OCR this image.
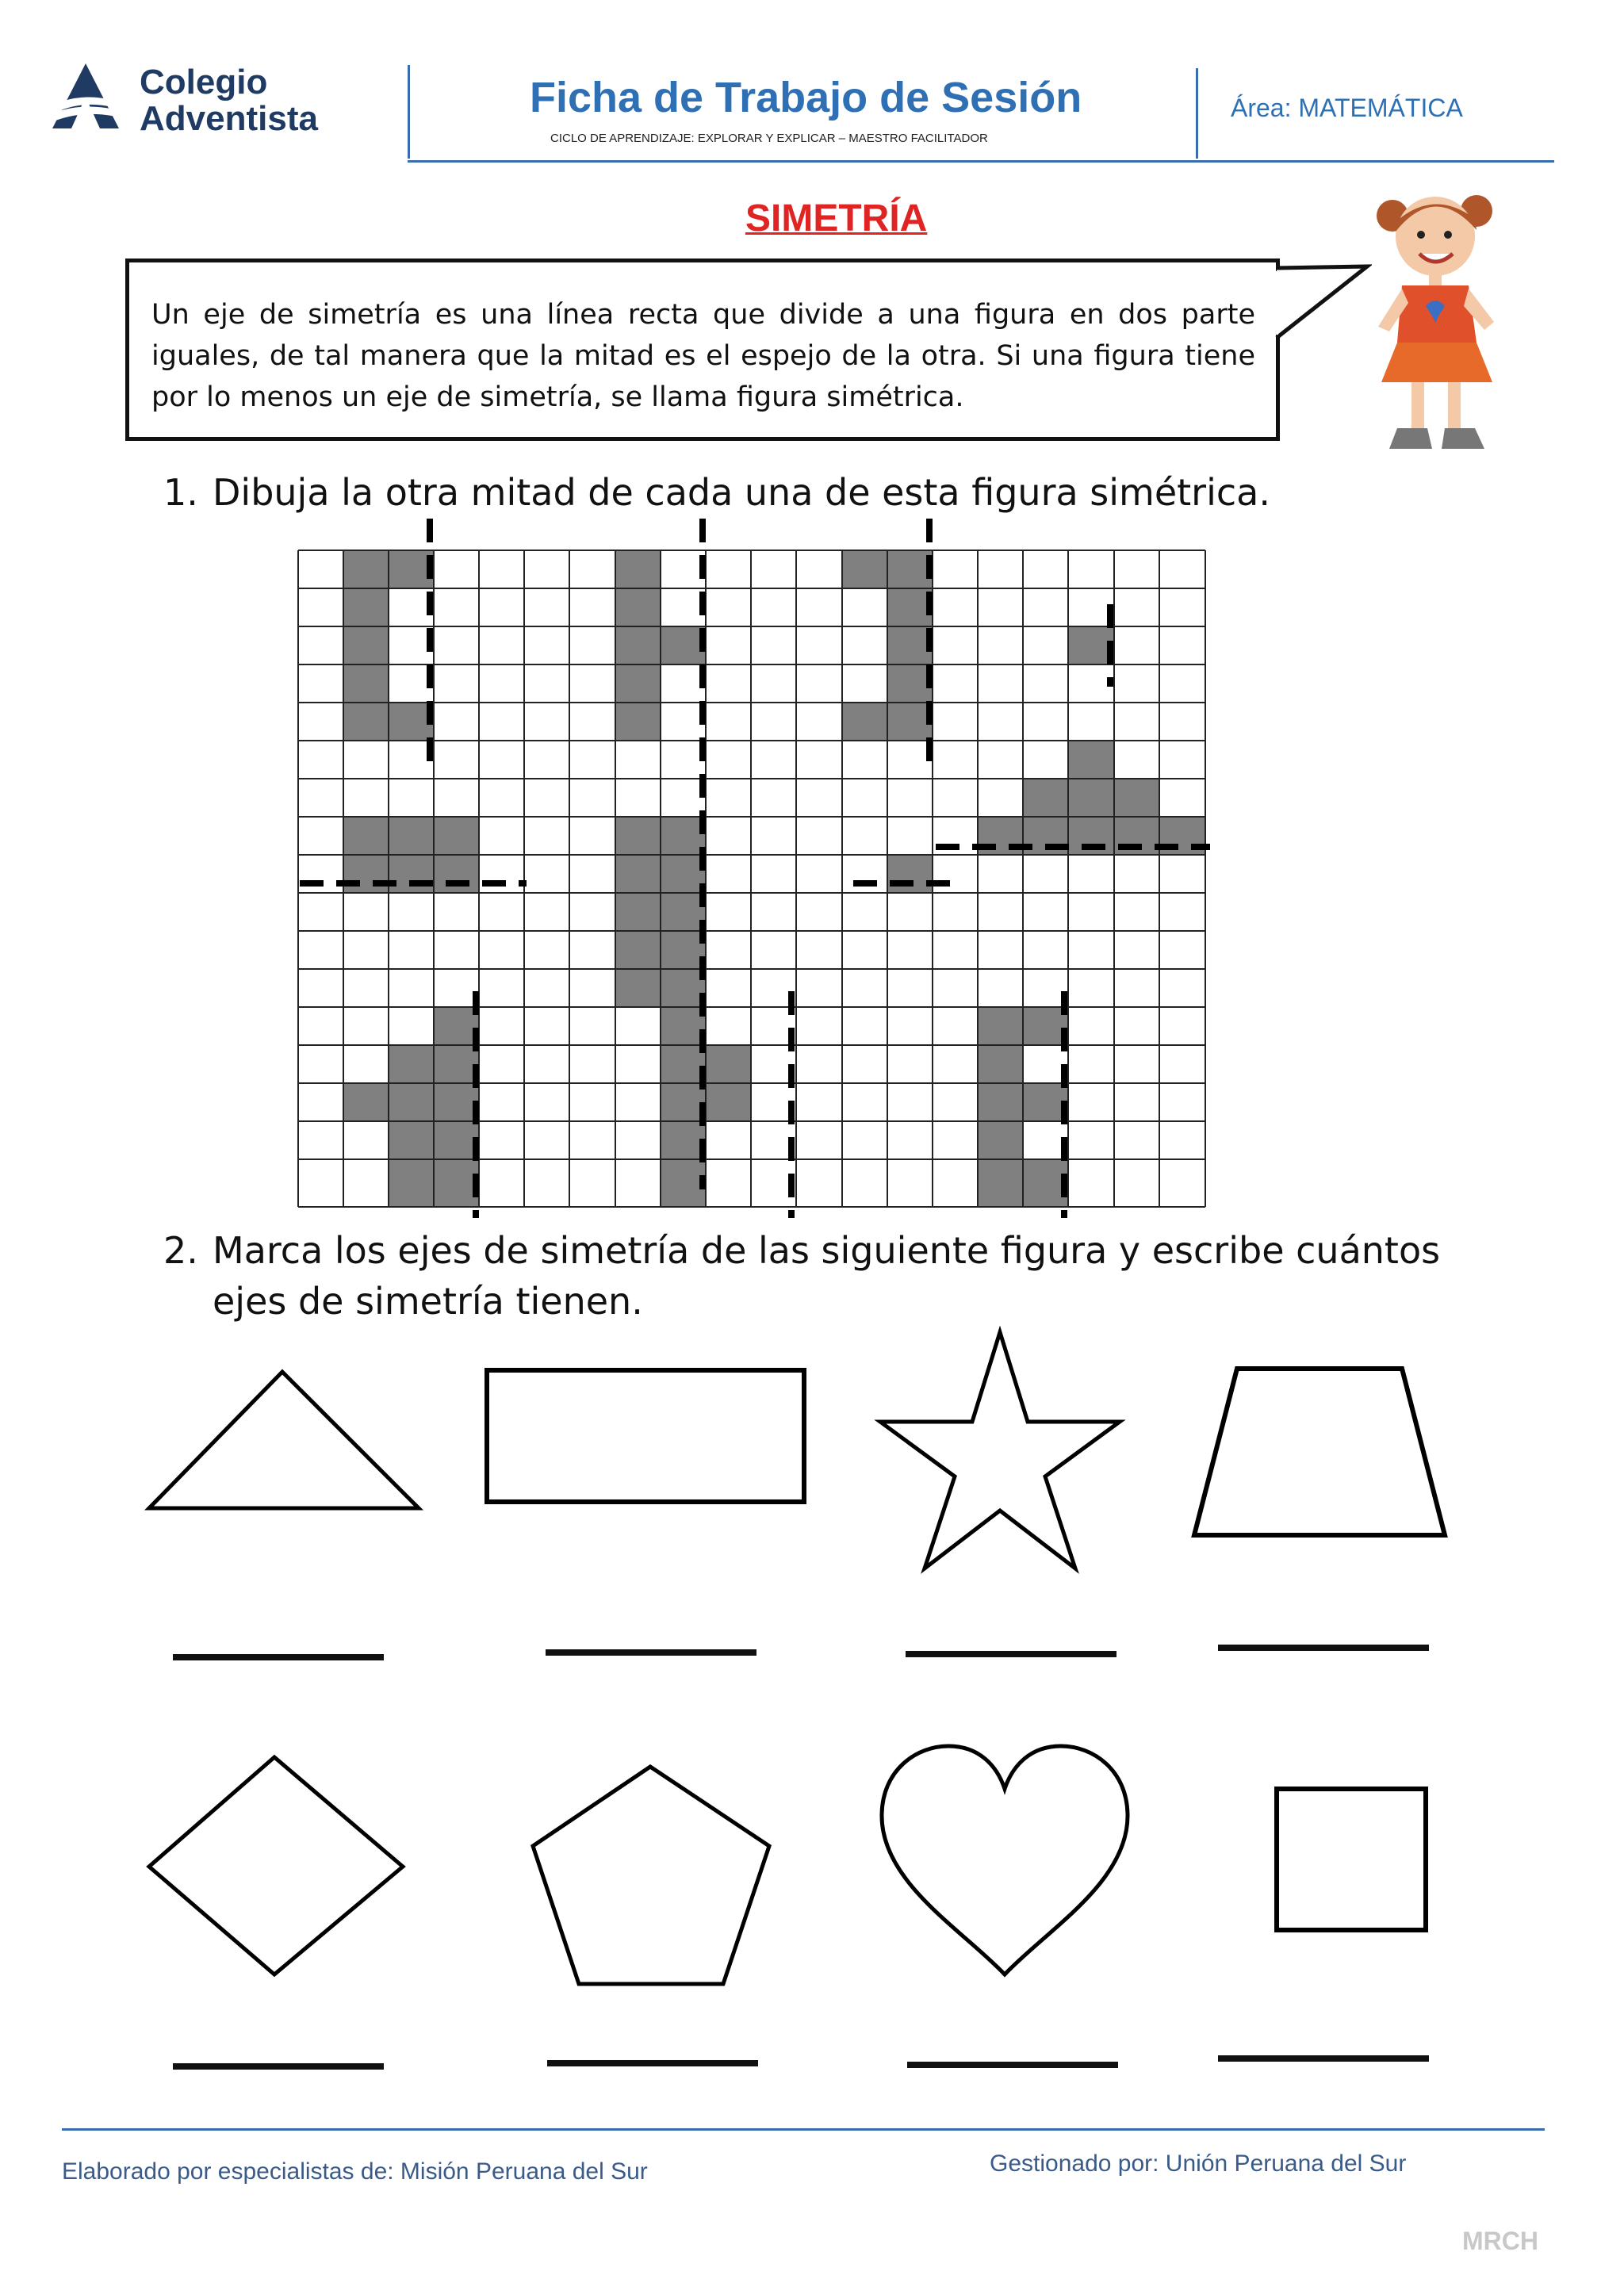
Colegio
Adventista	Ficha de Trabajo de Sesión
CICLO DE APRENDIZAJE: EXPLORAR Y EXPLICAR – MAESTRO FACILITADOR
Área: MATEMÁTICA
SIMETRÍA
Un eje de simetría es una línea recta que divide a una figura en dos parte iguales, de tal manera que la mitad es el espejo de la otra. Si una figura tiene por lo menos un eje de simetría, se llama figura simétrica.
1. Dibuja la otra mitad de cada una de esta figura simétrica.
2. Marca los ejes de simetría de las siguiente figura y escribe cuántos
ejes de simetría tienen.
Elaborado por especialistas de: Misión Peruana del Sur	Gestionado por: Unión Peruana del Sur
MRCH
